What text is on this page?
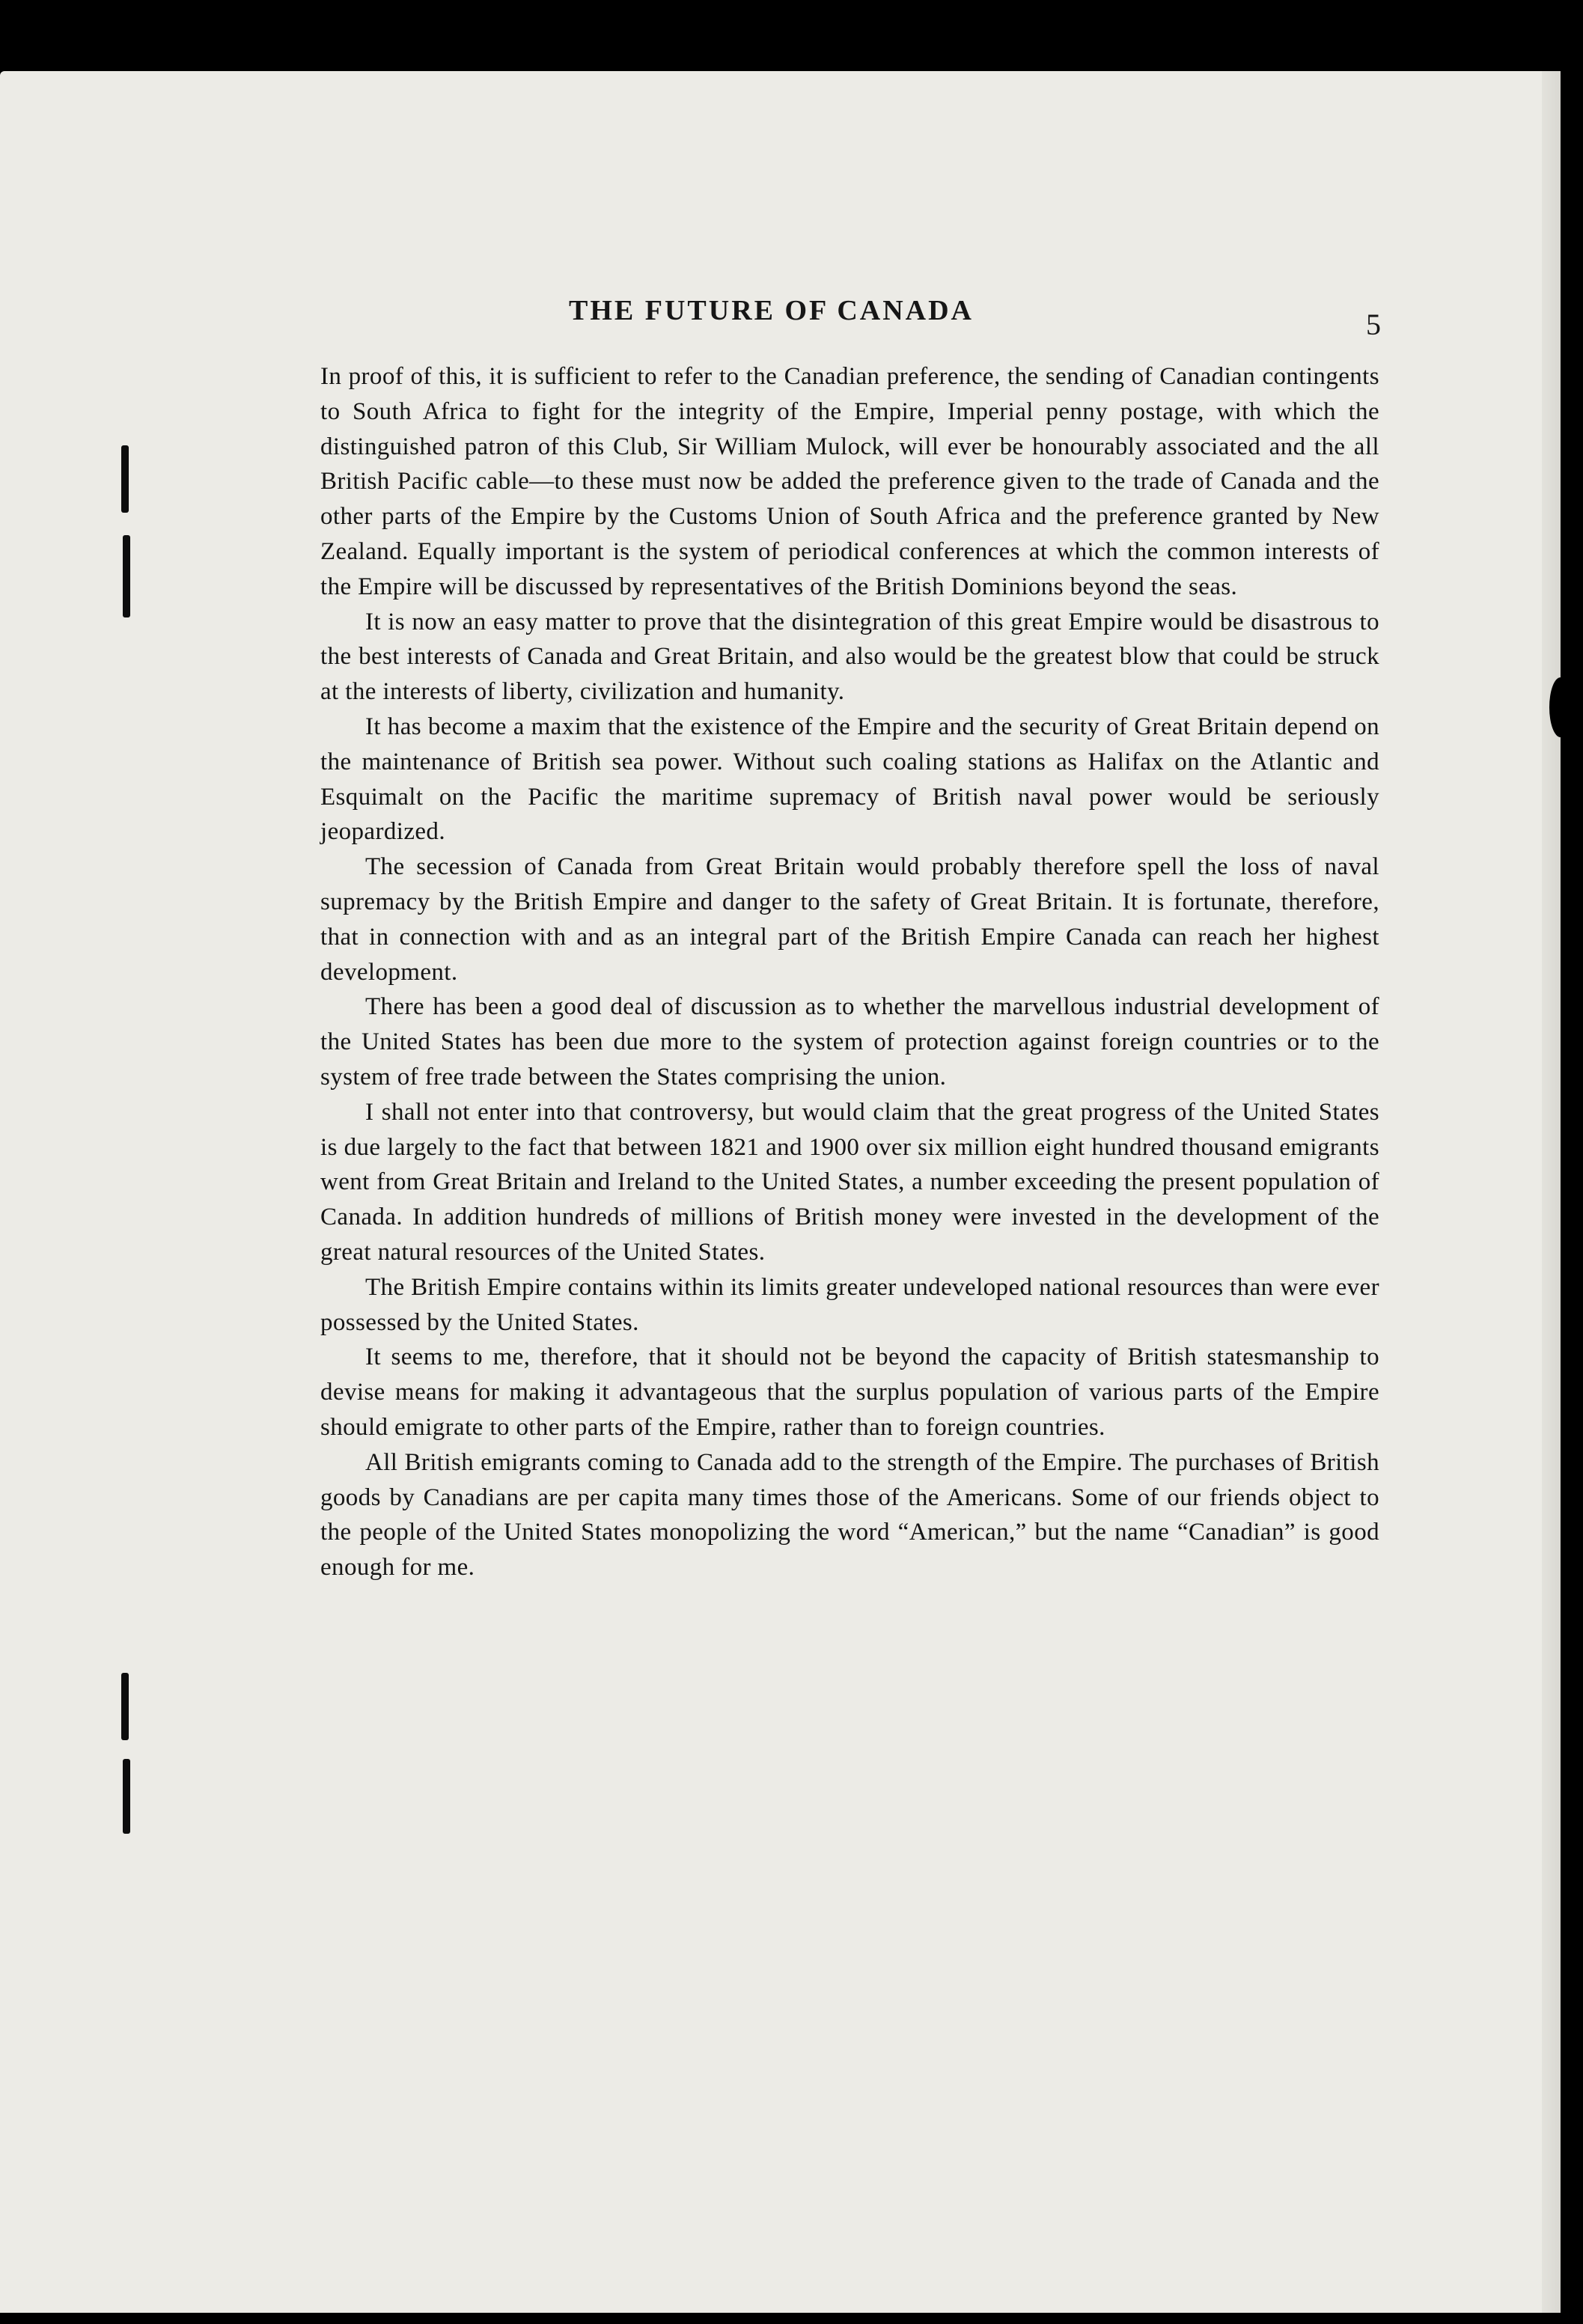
THE FUTURE OF CANADA	5

In proof of this, it is sufficient to refer to the Canadian preference, the sending of Canadian contingents to South Africa to fight for the integrity of the Empire, Imperial penny postage, with which the distinguished patron of this Club, Sir William Mulock, will ever be honourably associated and the all British Pacific cable—to these must now be added the preference given to the trade of Canada and the other parts of the Empire by the Customs Union of South Africa and the preference granted by New Zealand. Equally important is the system of periodical conferences at which the common interests of the Empire will be discussed by representatives of the British Dominions beyond the seas.

It is now an easy matter to prove that the disintegration of this great Empire would be disastrous to the best interests of Canada and Great Britain, and also would be the greatest blow that could be struck at the interests of liberty, civilization and humanity.

It has become a maxim that the existence of the Empire and the security of Great Britain depend on the maintenance of British sea power. Without such coaling stations as Halifax on the Atlantic and Esquimalt on the Pacific the maritime supremacy of British naval power would be seriously jeopardized.

The secession of Canada from Great Britain would probably therefore spell the loss of naval supremacy by the British Empire and danger to the safety of Great Britain. It is fortunate, therefore, that in connection with and as an integral part of the British Empire Canada can reach her highest development.

There has been a good deal of discussion as to whether the marvellous industrial development of the United States has been due more to the system of protection against foreign countries or to the system of free trade between the States comprising the union.

I shall not enter into that controversy, but would claim that the great progress of the United States is due largely to the fact that between 1821 and 1900 over six million eight hundred thousand emigrants went from Great Britain and Ireland to the United States, a number exceeding the present population of Canada. In addition hundreds of millions of British money were invested in the development of the great natural resources of the United States.

The British Empire contains within its limits greater undeveloped national resources than were ever possessed by the United States.

It seems to me, therefore, that it should not be beyond the capacity of British statesmanship to devise means for making it advantageous that the surplus population of various parts of the Empire should emigrate to other parts of the Empire, rather than to foreign countries.

All British emigrants coming to Canada add to the strength of the Empire. The purchases of British goods by Canadians are per capita many times those of the Americans. Some of our friends object to the people of the United States monopolizing the word “American,” but the name “Canadian” is good enough for me.
